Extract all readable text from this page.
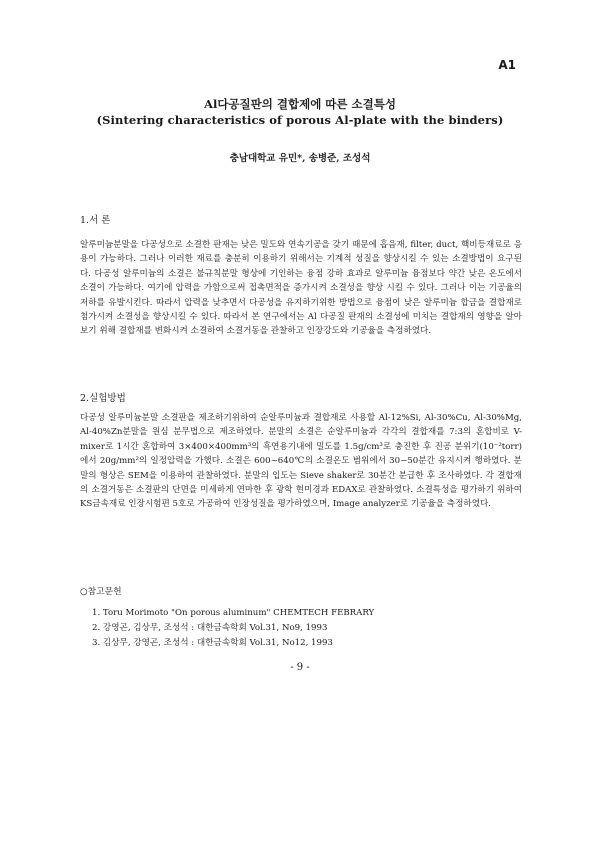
A1
Al다공질판의 결합제에 따른 소결특성
(Sintering characteristics of porous Al-plate with the binders)
충남대학교 유민*, 송병준, 조성석
1.서 론

알루미늄분말을 다공성으로 소결한 판재는 낮은 밀도와 연속기공을 갖기 때문에 흡음재, filter, duct, 핵비등재료로 응용이 가능하다. 그러나 이러한 재료를 충분히 이용하기 위해서는 기계적 성질을 향상시킬 수 있는 소결방법이 요구된다. 다공성 알루미늄의 소결은 불규칙분말 형상에 기인하는 융점 강하 효과로 알루미늄 융점보다 약간 낮은 온도에서 소결이 가능하다. 여기에 압력을 가함으로써 접촉면적을 증가시켜 소결성을 향상 시킬 수 있다. 그러나 이는 기공율의 저하를 유발시킨다. 따라서 압력을 낮추면서 다공성을 유지하기위한 방법으로 융점이 낮은 알루미늄 합금을 결합재로 첨가시켜 소결성을 향상시킬 수 있다. 따라서 본 연구에서는 Al 다공질 판재의 소결성에 미치는 결합재의 영향을 알아보기 위해 결합재를 변화시켜 소결하여 소결거동을 관찰하고 인장강도와 기공율을 측정하였다.

2.실험방법

다공성 알루미늄분말 소결판을 제조하기위하여 순알루미늄과 결합재로 사용할 Al-12%Si, Al-30%Cu, Al-30%Mg, Al-40%Zn분말을 원심 분무법으로 제조하였다. 분말의 소결은 순알루미늄과 각각의 결합재를 7:3의 혼합비로 V-mixer로 1시간 혼합하여 3×400×400mm³의 흑연용기내에 밀도를 1.5g/cm³로 충진한 후 진공 분위기(10⁻²torr)에서 20g/mm²의 일정압력을 가했다. 소결은 600~640℃의 소결온도 범위에서 30~50분간 유지시켜 행하였다. 분말의 형상은 SEM을 이용하여 관찰하였다. 분말의 입도는 Sieve shaker로 30분간 분급한 후 조사하였다. 각 결합재의 소결거동은 소결판의 단면을 미세하게 연마한 후 광학 현미경과 EDAX로 관찰하였다. 소결특성을 평가하기 위하여 KS금속재료 인장시험편 5호로 가공하여 인장성질을 평가하였으며, Image analyzer로 기공율을 측정하였다.

○참고문헌
1. Toru Morimoto "On porous aluminum" CHEMTECH FEBRARY
2. 강영곤, 김상무, 조성석 : 대한금속학회 Vol.31, No9, 1993
3. 김상무, 강영곤, 조성석 : 대한금속학회 Vol.31, No12, 1993
- 9 -
